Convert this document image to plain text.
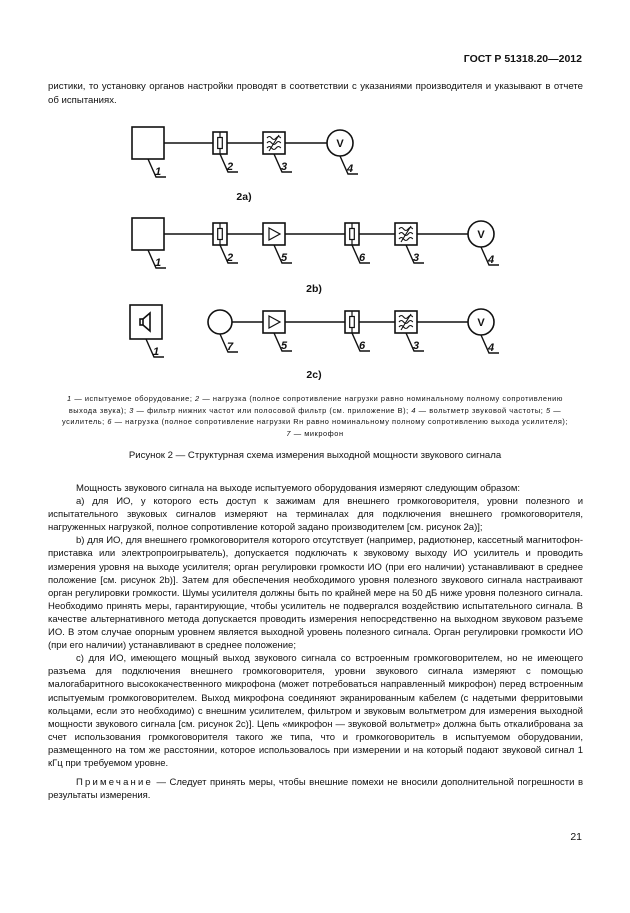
ГОСТ Р 51318.20—2012

ристики, то установку органов настройки проводят в соответствии с указаниями производителя и указывают в отчете об испытаниях.

1	2	3
V
4
2a)
1	2	5	6	3
V
4
2b)
1	7	5	6	3
V
4
2c)

1 — испытуемое оборудование; 2 — нагрузка (полное сопротивление нагрузки равно номинальному полному сопротивлению выхода звука); 3 — фильтр нижних частот или полосовой фильтр (см. приложение В); 4 — вольтметр звуковой частоты; 5 — усилитель; 6 — нагрузка (полное сопротивление нагрузки Rн равно номинальному полному сопротивлению выхода усилителя); 7 — микрофон

Рисунок 2 — Структурная схема измерения выходной мощности звукового сигнала

Мощность звукового сигнала на выходе испытуемого оборудования измеряют следующим образом:

а) для ИО, у которого есть доступ к зажимам для внешнего громкоговорителя, уровни полезного и испытательного звуковых сигналов измеряют на терминалах для подключения внешнего громкоговорителя, нагруженных нагрузкой, полное сопротивление которой задано производителем [см. рисунок 2а)];

b) для ИО, для внешнего громкоговорителя которого отсутствует (например, радиотюнер, кассетный магнитофон-приставка или электропроигрыватель), допускается подключать к звуковому выходу ИО усилитель и проводить измерения уровня на выходе усилителя; орган регулировки громкости ИО (при его наличии) устанавливают в среднее положение [см. рисунок 2b)]. Затем для обеспечения необходимого уровня полезного звукового сигнала настраивают орган регулировки громкости. Шумы усилителя должны быть по крайней мере на 50 дБ ниже уровня полезного сигнала. Необходимо принять меры, гарантирующие, чтобы усилитель не подвергался воздействию испытательного сигнала. В качестве альтернативного метода допускается проводить измерения непосредственно на выходном звуковом разъеме ИО. В этом случае опорным уровнем является выходной уровень полезного сигнала. Орган регулировки громкости ИО (при его наличии) устанавливают в среднее положение;

с) для ИО, имеющего мощный выход звукового сигнала со встроенным громкоговорителем, но не имеющего разъема для подключения внешнего громкоговорителя, уровни звукового сигнала измеряют с помощью малогабаритного высококачественного микрофона (может потребоваться направленный микрофон) перед встроенным испытуемым громкоговорителем. Выход микрофона соединяют экранированным кабелем (с надетыми ферритовыми кольцами, если это необходимо) с внешним усилителем, фильтром и звуковым вольтметром для измерения выходной мощности звукового сигнала [см. рисунок 2с)]. Цепь «микрофон — звуковой вольтметр» должна быть откалибрована за счет использования громкоговорителя такого же типа, что и громкоговоритель в испытуемом оборудовании, размещенного на том же расстоянии, которое использовалось при измерении и на который подают звуковой сигнал 1 кГц при требуемом уровне.

Примечание — Следует принять меры, чтобы внешние помехи не вносили дополнительной погрешности в результаты измерения.

21
